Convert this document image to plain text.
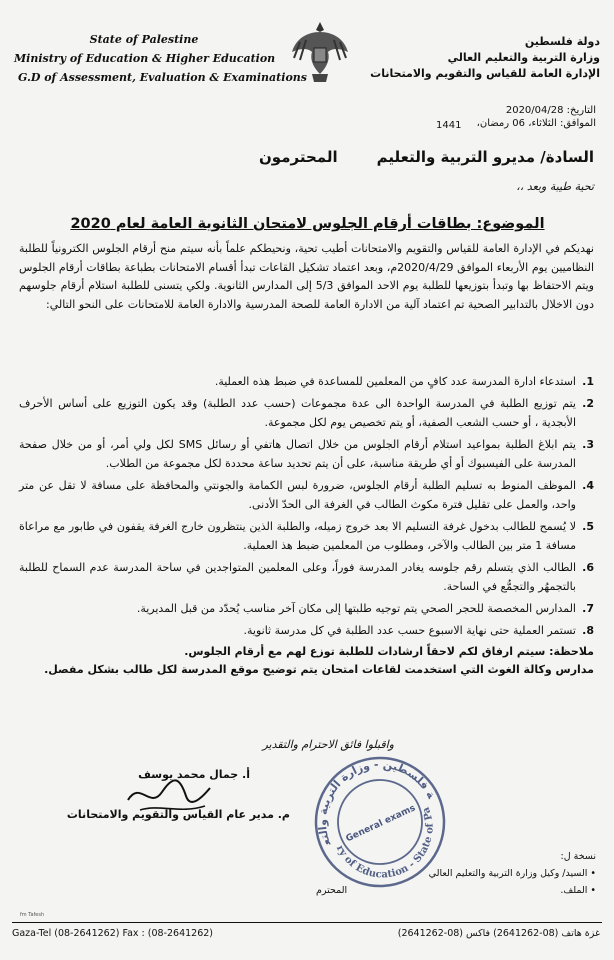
State of Palestine
Ministry of Education & Higher Education
G.D of Assessment, Evaluation & Examinations
دولة فلسطين
وزارة التربية والتعليم العالي
الإدارة العامة للقياس والتقويم والامتحانات
التاريخ: 2020/04/28
الموافق: الثلاثاء، 06 رمضان،
1441
السادة/ مديرو التربية والتعليم
المحترمون
تحية طيبة وبعد ،،
الموضوع: بطاقات أرقام الجلوس لامتحان الثانوية العامة لعام 2020
نهديكم في الإدارة العامة للقياس والتقويم والامتحانات أطيب تحية، ونحيطكم علماً بأنه سيتم منح أرقام الجلوس الكترونياً للطلبة النظاميين يوم الأربعاء الموافق 2020/4/29م، وبعد اعتماد تشكيل القاعات تبدأ أقسام الامتحانات بطباعة بطاقات أرقام الجلوس ويتم الاحتفاظ بها وتبدأ بتوزيعها للطلبة يوم الاحد الموافق 5/3 إلى المدارس الثانوية. ولكي يتسنى للطلبة استلام أرقام جلوسهم دون الاخلال بالتدابير الصحية تم اعتماد آلية من الادارة العامة للصحة المدرسية والادارة العامة للامتحانات على النحو التالي:
1.
استدعاء ادارة المدرسة عدد كافٍ من المعلمين للمساعدة في ضبط هذه العملية.
2.
يتم توزيع الطلبة في المدرسة الواحدة الى عدة مجموعات (حسب عدد الطلبة) وقد يكون التوزيع على أساس الأحرف الأبجدية ، أو حسب الشعب الصفية، أو يتم تخصيص يوم لكل مجموعة.
3.
يتم ابلاغ الطلبة بمواعيد استلام أرقام الجلوس من خلال اتصال هاتفي أو رسائل SMS لكل ولي أمر، أو من خلال صفحة المدرسة على الفيسبوك أو أي طريقة مناسبة، على أن يتم تحديد ساعة محددة لكل مجموعة من الطلاب.
4.
الموظف المنوط به تسليم الطلبة أرقام الجلوس، ضرورة لبس الكمامة والجونتي والمحافظة على مسافة لا تقل عن متر واحد، والعمل على تقليل فترة مكوث الطالب في الغرفة الى الحدّ الأدنى.
5.
لا يُسمح للطالب بدخول غرفة التسليم الا بعد خروج زميله، والطلبة الذين ينتظرون خارج الغرفة يقفون في طابور مع مراعاة مسافة 1 متر بين الطالب والآخر، ومطلوب من المعلمين ضبط هذ العملية.
6.
الطالب الذي يتسلم رقم جلوسه يغادر المدرسة فوراً، وعلى المعلمين المتواجدين في ساحة المدرسة عدم السماح للطلبة بالتجمهُر والتجمُّع في الساحة.
7.
المدارس المخصصة للحجر الصحي يتم توجيه طلبتها إلى مكان آخر مناسب يُحدّد من قبل المديرية.
8.
تستمر العملية حتى نهاية الاسبوع حسب عدد الطلبة في كل مدرسة ثانوية.
ملاحظة: سيتم ارفاق لكم لاحقاً ارشادات للطلبة توزع لهم مع أرقام الجلوس.
مدارس وكالة الغوث التي استخدمت لقاعات امتحان يتم توضيح موقع المدرسة لكل طالب بشكل مفصل.
واقبلوا فائق الاحترام والتقدير
دولة فلسطين - وزارة التربية والتعليم
Ministry of Education - State of Palestine
General exams
أ. جمال محمد يوسف
م. مدير عام القياس والتقويم والامتحانات
نسخة ل:
• السيد/ وكيل وزارة التربية والتعليم العالي
• الملف.
المحترم
fm Tafesh
Gaza-Tel (08-2641262) Fax : (08-2641262)	غزة هاتف (08-2641262) فاكس (08-2641262)
